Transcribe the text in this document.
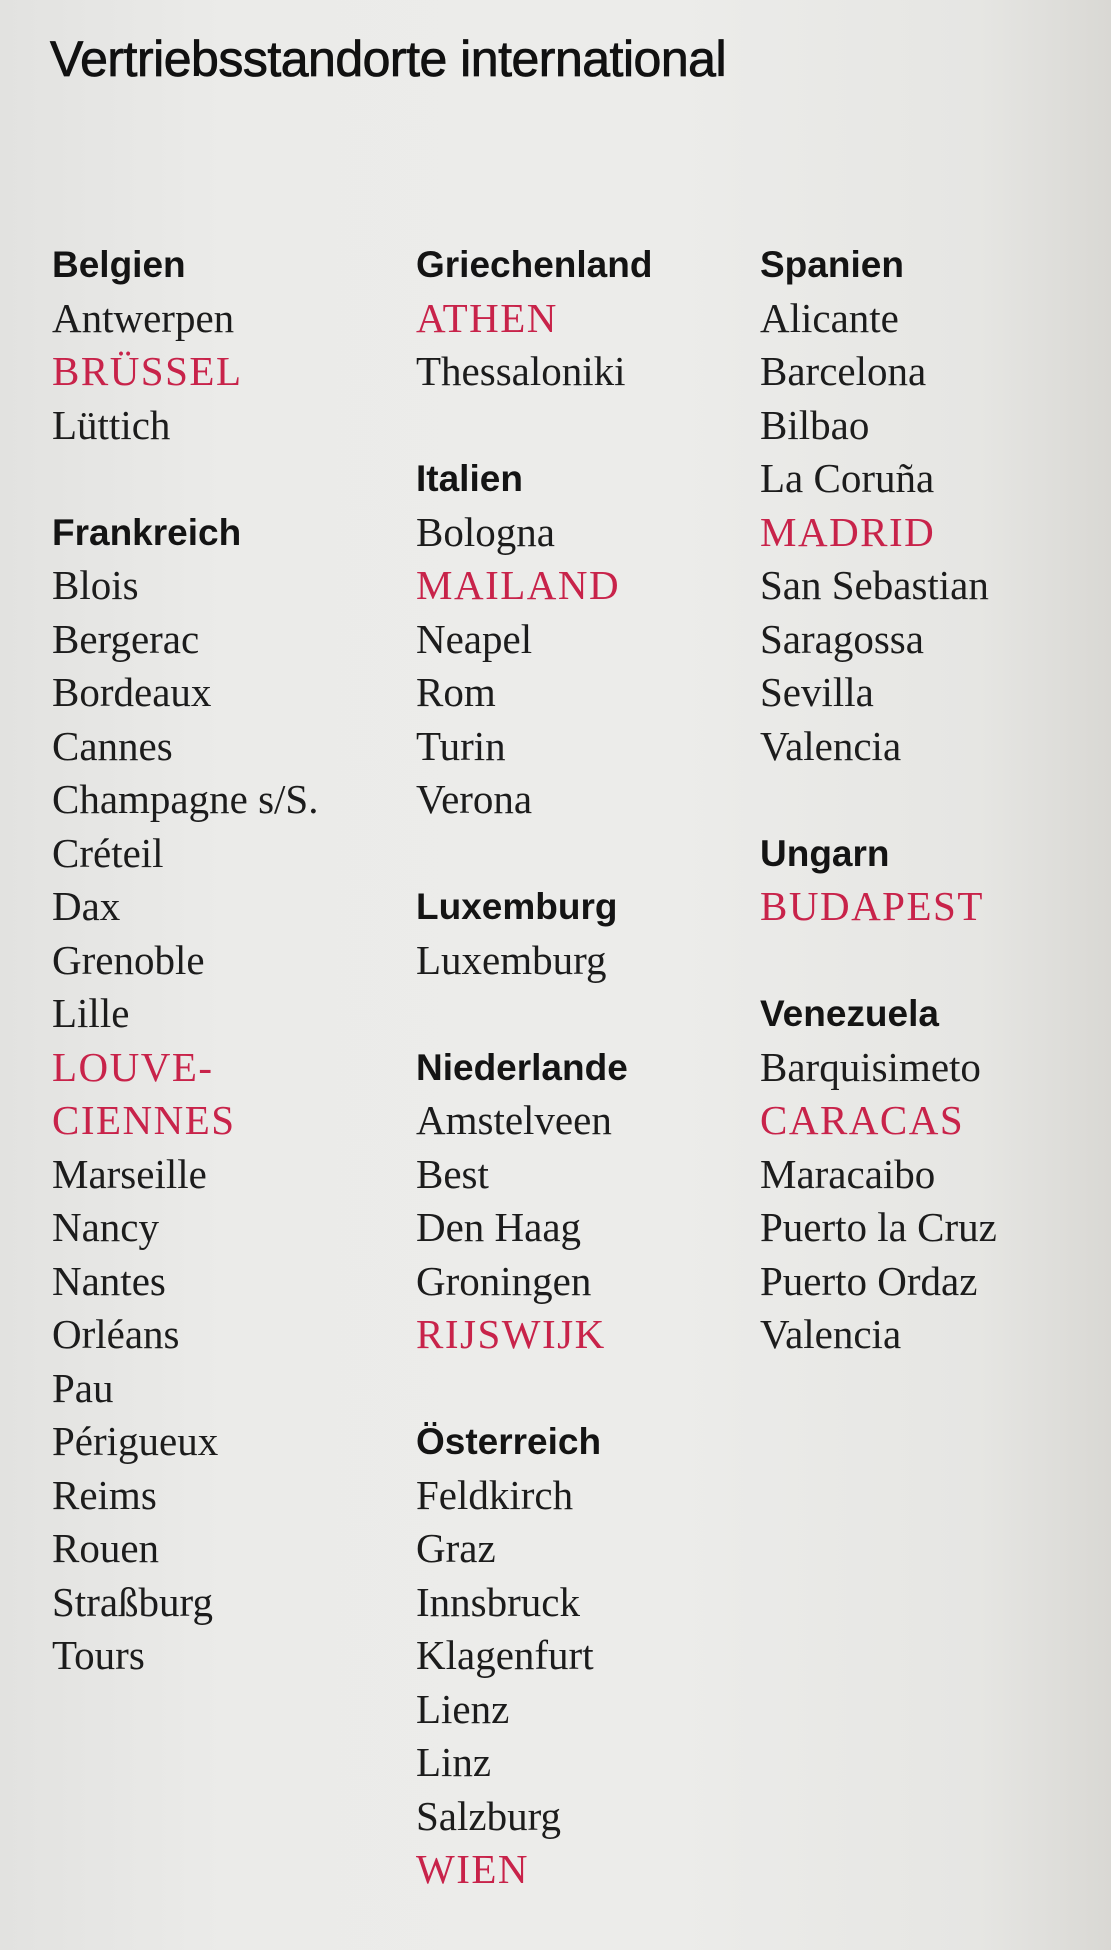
Vertriebsstandorte international
Belgien
Antwerpen
BRÜSSEL
Lüttich
Frankreich
Blois
Bergerac
Bordeaux
Cannes
Champagne s/S.
Créteil
Dax
Grenoble
Lille
LOUVE-
CIENNES
Marseille
Nancy
Nantes
Orléans
Pau
Périgueux
Reims
Rouen
Straßburg
Tours
Griechenland
ATHEN
Thessaloniki
Italien
Bologna
MAILAND
Neapel
Rom
Turin
Verona
Luxemburg
Luxemburg
Niederlande
Amstelveen
Best
Den Haag
Groningen
RIJSWIJK
Österreich
Feldkirch
Graz
Innsbruck
Klagenfurt
Lienz
Linz
Salzburg
WIEN
Spanien
Alicante
Barcelona
Bilbao
La Coruña
MADRID
San Sebastian
Saragossa
Sevilla
Valencia
Ungarn
BUDAPEST
Venezuela
Barquisimeto
CARACAS
Maracaibo
Puerto la Cruz
Puerto Ordaz
Valencia
